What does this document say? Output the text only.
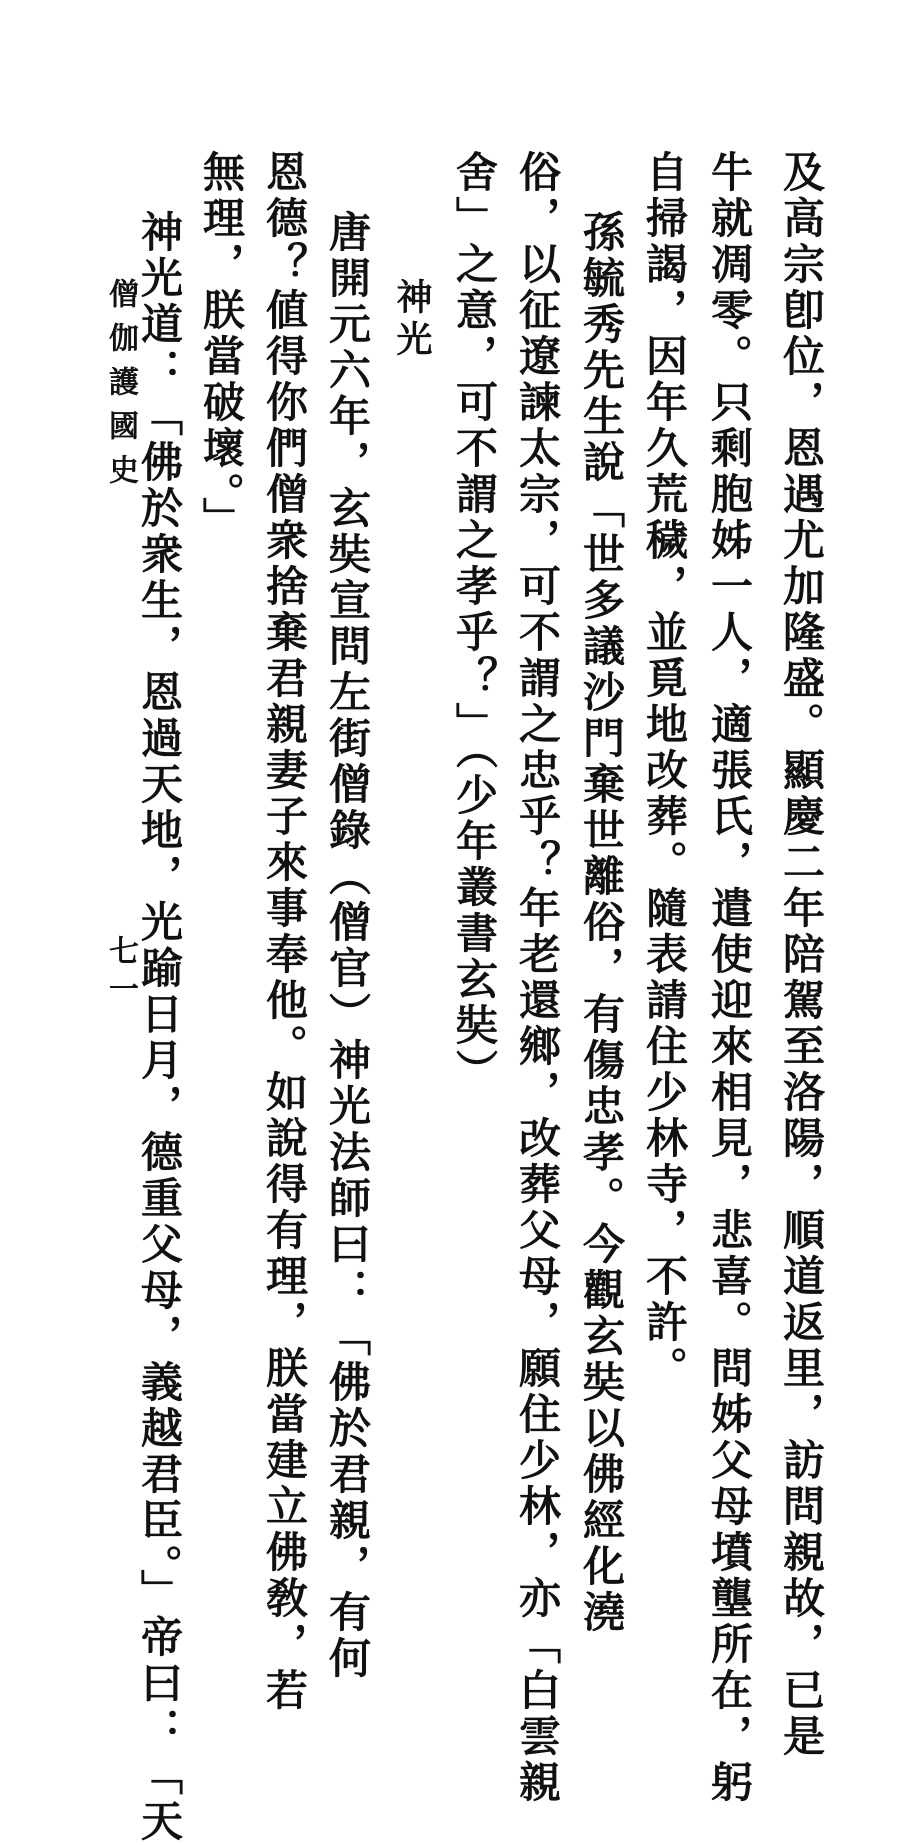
及高宗卽位，恩遇尤加隆盛。顯慶二年陪駕至洛陽，順道返里，訪問親故，已是
牛就凋零。只剩胞姊一人，適張氏，遣使迎來相見，悲喜。問姊父母墳壟所在，躬
自掃謁，因年久荒穢，並覓地改葬。隨表請住少林寺，不許。
孫毓秀先生說「世多議沙門棄世離俗，有傷忠孝。今觀玄奘以佛經化澆
俗，以征遼諫太宗，可不謂之忠乎？年老還鄉，改葬父母，願住少林，亦「白雲親
舍」之意，可不謂之孝乎？」（少年叢書玄奘）
神光
唐開元六年，玄奘宣問左街僧錄（僧官）神光法師曰：「佛於君親，有何
恩德？値得你們僧衆捨棄君親妻子來事奉他。如說得有理，朕當建立佛敎，若
無理，朕當破壞。」
神光道：「佛於衆生，恩過天地，光踰日月，德重父母，義越君臣。」帝曰：「天
僧伽護國史
七一
